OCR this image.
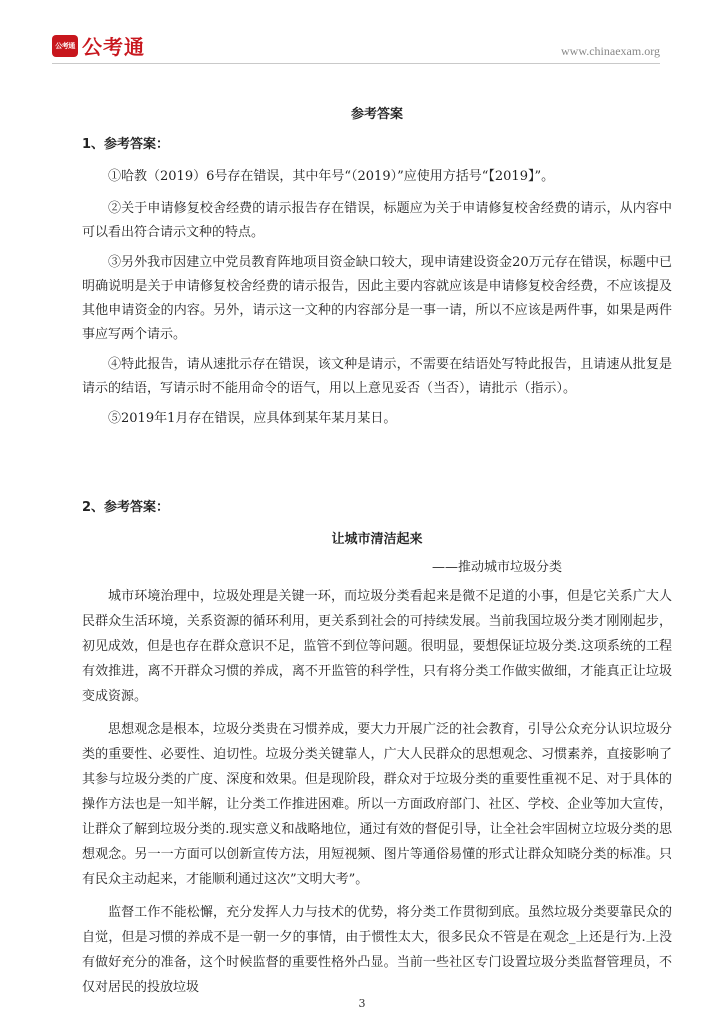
公考通 公考通	www.chinaexam.org
参考答案
1、参考答案：

①哈教（2019）6号存在错误，其中年号“（2019）”应使用方括号“【2019】”。

②关于申请修复校舍经费的请示报告存在错误，标题应为关于申请修复校舍经费的请示，从内容中可以看出符合请示文种的特点。

③另外我市因建立中党员教育阵地项目资金缺口较大，现申请建设资金20万元存在错误，标题中已明确说明是关于申请修复校舍经费的请示报告，因此主要内容就应该是申请修复校舍经费，不应该提及其他申请资金的内容。另外，请示这一文种的内容部分是一事一请，所以不应该是两件事，如果是两件事应写两个请示。

④特此报告，请从速批示存在错误，该文种是请示，不需要在结语处写特此报告，且请速从批复是请示的结语，写请示时不能用命令的语气，用以上意见妥否（当否），请批示（指示）。

⑤2019年1月存在错误，应具体到某年某月某日。

2、参考答案：
让城市清洁起来
——推动城市垃圾分类

城市环境治理中，垃圾处理是关键一环，而垃圾分类看起来是微不足道的小事，但是它关系广大人民群众生活环境，关系资源的循环利用，更关系到社会的可持续发展。当前我国垃圾分类才刚刚起步，初见成效，但是也存在群众意识不足，监管不到位等问题。很明显，要想保证垃圾分类.这项系统的工程有效推进，离不开群众习惯的养成，离不开监管的科学性，只有将分类工作做实做细，才能真正让垃圾变成资源。

思想观念是根本，垃圾分类贵在习惯养成，要大力开展广泛的社会教育，引导公众充分认识垃圾分类的重要性、必要性、迫切性。垃圾分类关键靠人，广大人民群众的思想观念、习惯素养，直接影响了其参与垃圾分类的广度、深度和效果。但是现阶段，群众对于垃圾分类的重要性重视不足、对于具体的操作方法也是一知半解，让分类工作推进困难。所以一方面政府部门、社区、学校、企业等加大宣传，让群众了解到垃圾分类的.现实意义和战略地位，通过有效的督促引导，让全社会牢固树立垃圾分类的思想观念。另一一方面可以创新宣传方法，用短视频、图片等通俗易懂的形式让群众知晓分类的标准。只有民众主动起来，才能顺利通过这次”文明大考”。

监督工作不能松懈，充分发挥人力与技术的优势，将分类工作贯彻到底。虽然垃圾分类要靠民众的自觉，但是习惯的养成不是一朝一夕的事情，由于惯性太大，很多民众不管是在观念_上还是行为.上没有做好充分的准备，这个时候监督的重要性格外凸显。当前一些社区专门设置垃圾分类监督管理员，不仅对居民的投放垃圾

3
